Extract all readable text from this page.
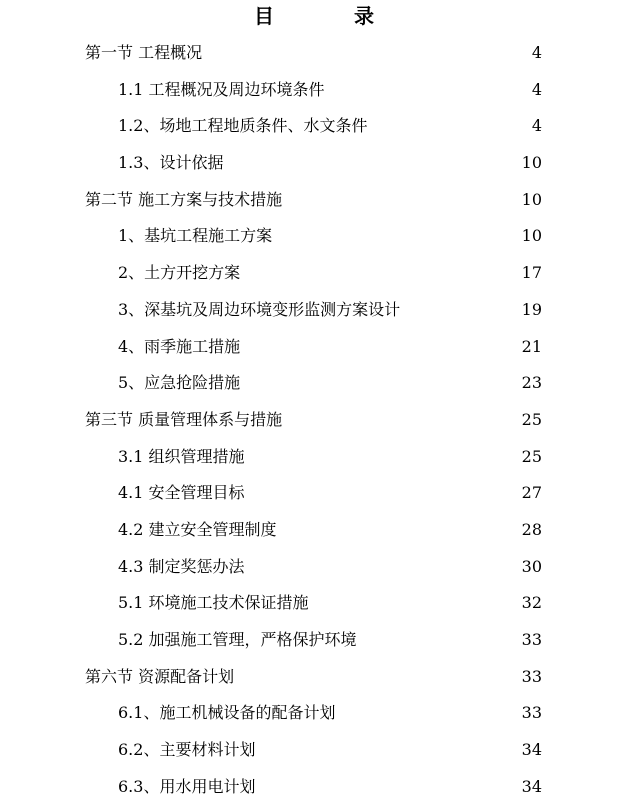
目　录
第一节 工程概况	4
1.1 工程概况及周边环境条件	4
1.2、场地工程地质条件、水文条件	4
1.3、设计依据	10
第二节 施工方案与技术措施	10
1、基坑工程施工方案	10
2、土方开挖方案	17
3、深基坑及周边环境变形监测方案设计	19
4、雨季施工措施	21
5、应急抢险措施	23
第三节 质量管理体系与措施	25
3.1 组织管理措施	25
4.1 安全管理目标	27
4.2 建立安全管理制度	28
4.3 制定奖惩办法	30
5.1 环境施工技术保证措施	32
5.2 加强施工管理，严格保护环境	33
第六节 资源配备计划	33
6.1、施工机械设备的配备计划	33
6.2、主要材料计划	34
6.3、用水用电计划	34
